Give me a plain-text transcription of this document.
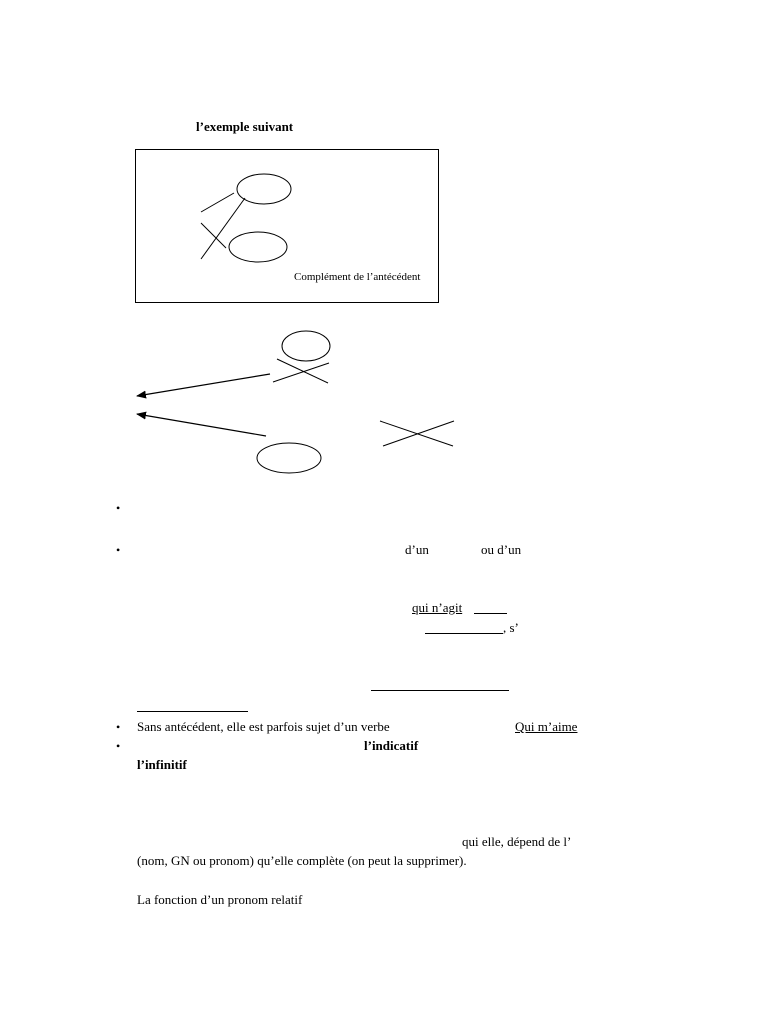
l’exemple suivant
Complément de l’antécédent
•
•	d’un	ou d’un
qui n’agit
, s’
• Sans antécédent, elle est parfois sujet d’un verbe	Qui m’aime
•	l’indicatif
l’infinitif
qui elle, dépend de l’
(nom, GN ou pronom) qu’elle complète (on peut la supprimer).
La fonction d’un pronom relatif
